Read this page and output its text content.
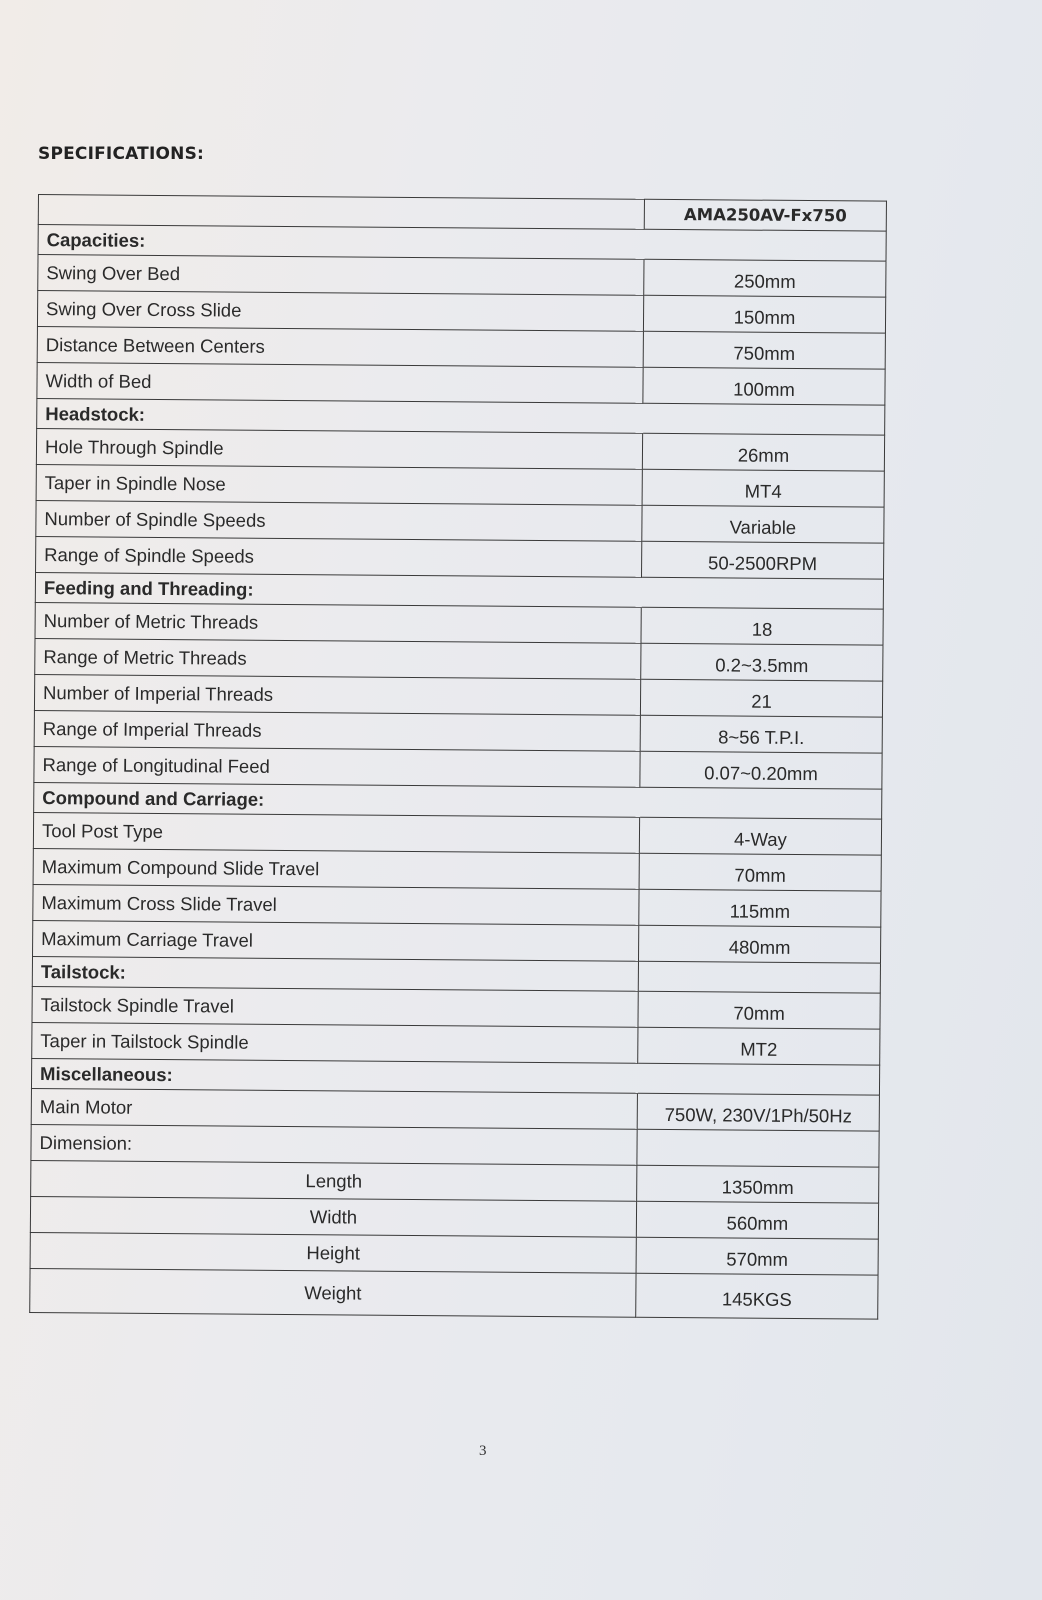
SPECIFICATIONS:
	AMA250AV-Fx750
Capacities:	
Swing Over Bed	250mm
Swing Over Cross Slide	150mm
Distance Between Centers	750mm
Width of Bed	100mm
Headstock:	
Hole Through Spindle	26mm
Taper in Spindle Nose	MT4
Number of Spindle Speeds	Variable
Range of Spindle Speeds	50-2500RPM
Feeding and Threading:	
Number of Metric Threads	18
Range of Metric Threads	0.2~3.5mm
Number of Imperial Threads	21
Range of Imperial Threads	8~56 T.P.I.
Range of Longitudinal Feed	0.07~0.20mm
Compound and Carriage:	
Tool Post Type	4-Way
Maximum Compound Slide Travel	70mm
Maximum Cross Slide Travel	115mm
Maximum Carriage Travel	480mm
Tailstock:	
Tailstock Spindle Travel	70mm
Taper in Tailstock Spindle	MT2
Miscellaneous:	
Main Motor	750W, 230V/1Ph/50Hz
Dimension:	
Length	1350mm
Width	560mm
Height	570mm
Weight	145KGS

3
